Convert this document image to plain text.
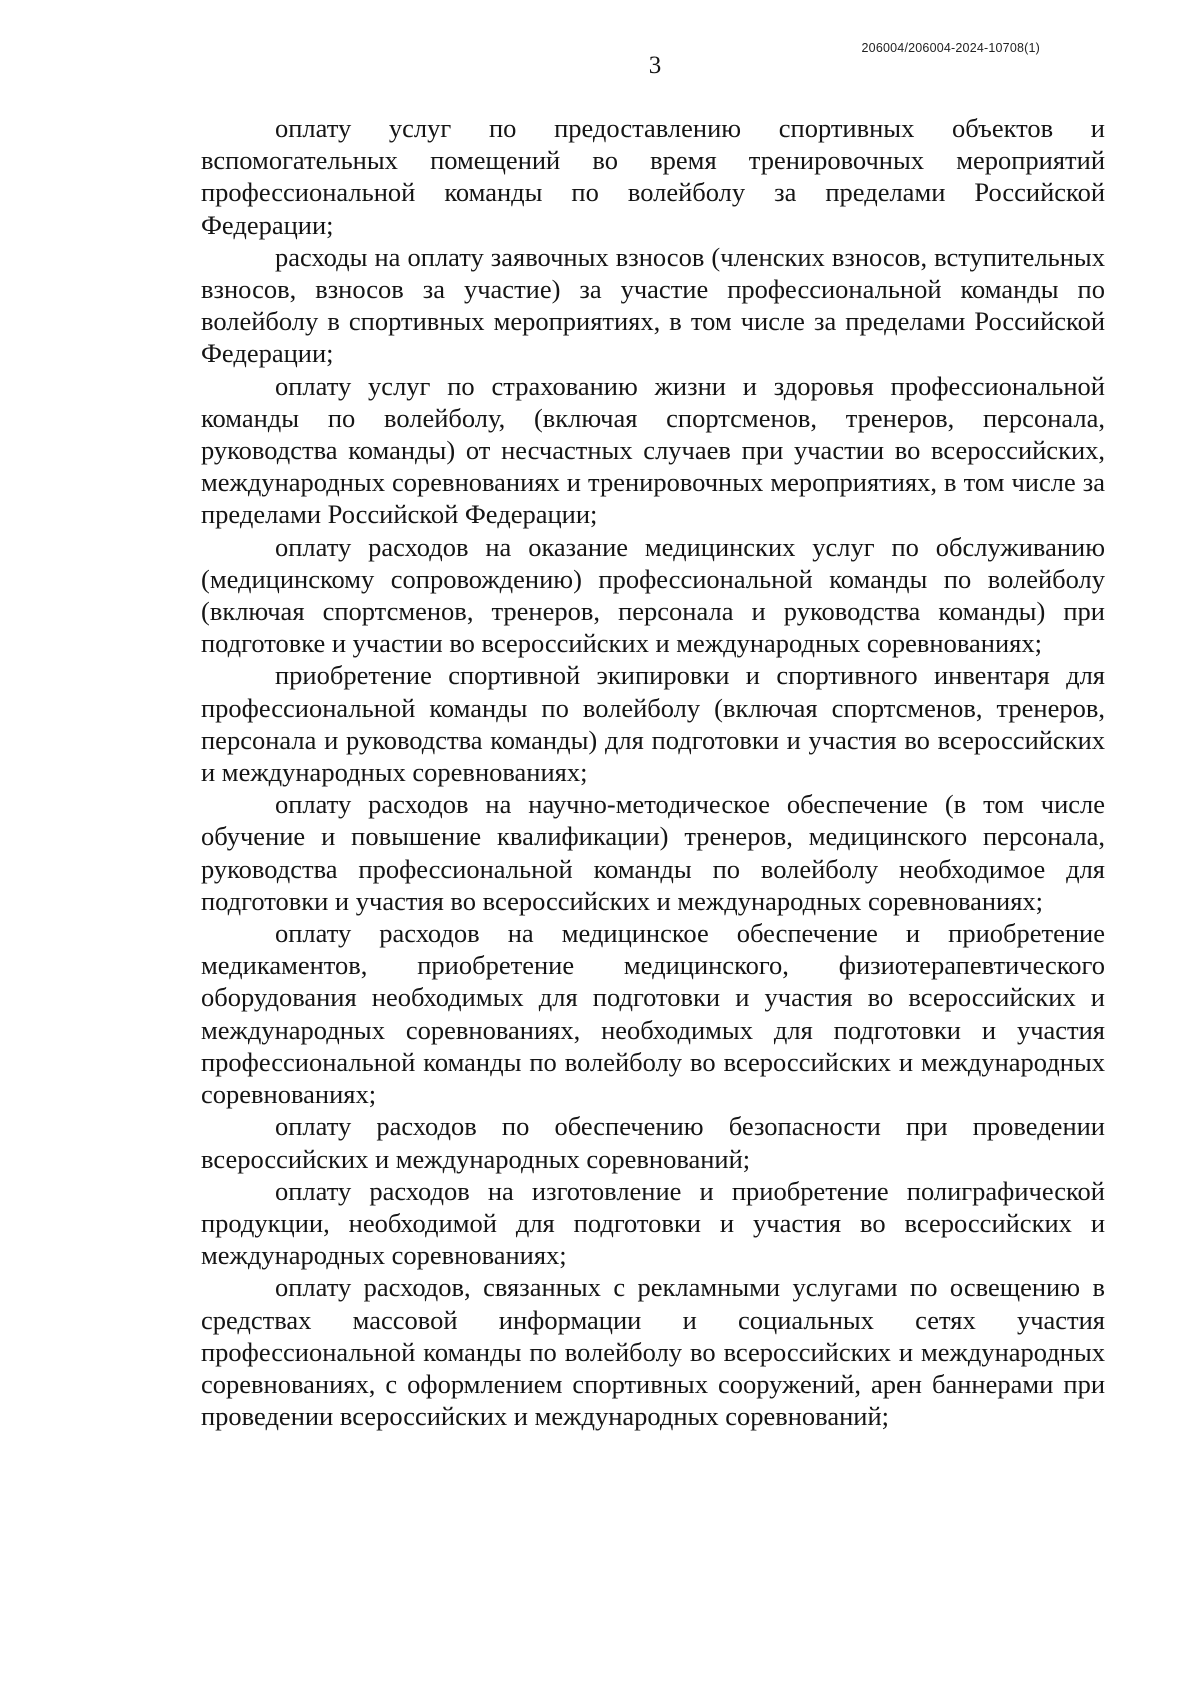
206004/206004-2024-10708(1)
3

оплату услуг по предоставлению спортивных объектов и вспомогательных помещений во время тренировочных мероприятий профессиональной команды по волейболу за пределами Российской Федерации;

расходы на оплату заявочных взносов (членских взносов, вступительных взносов, взносов за участие) за участие профессиональной команды по волейболу в спортивных мероприятиях, в том числе за пределами Российской Федерации;

оплату услуг по страхованию жизни и здоровья профессиональной команды по волейболу, (включая спортсменов, тренеров, персонала, руководства команды) от несчастных случаев при участии во всероссийских, международных соревнованиях и тренировочных мероприятиях, в том числе за пределами Российской Федерации;

оплату расходов на оказание медицинских услуг по обслуживанию (медицинскому сопровождению) профессиональной команды по волейболу (включая спортсменов, тренеров, персонала и руководства команды) при подготовке и участии во всероссийских и международных соревнованиях;

приобретение спортивной экипировки и спортивного инвентаря для профессиональной команды по волейболу (включая спортсменов, тренеров, персонала и руководства команды) для подготовки и участия во всероссийских и международных соревнованиях;

оплату расходов на научно-методическое обеспечение (в том числе обучение и повышение квалификации) тренеров, медицинского персонала, руководства профессиональной команды по волейболу необходимое для подготовки и участия во всероссийских и международных соревнованиях;

оплату расходов на медицинское обеспечение и приобретение медикаментов, приобретение медицинского, физиотерапевтического оборудования необходимых для подготовки и участия во всероссийских и международных соревнованиях, необходимых для подготовки и участия профессиональной команды по волейболу во всероссийских и международных соревнованиях;

оплату расходов по обеспечению безопасности при проведении всероссийских и международных соревнований;

оплату расходов на изготовление и приобретение полиграфической продукции, необходимой для подготовки и участия во всероссийских и международных соревнованиях;

оплату расходов, связанных с рекламными услугами по освещению в средствах массовой информации и социальных сетях участия профессиональной команды по волейболу во всероссийских и международных соревнованиях, с оформлением спортивных сооружений, арен баннерами при проведении всероссийских и международных соревнований;
